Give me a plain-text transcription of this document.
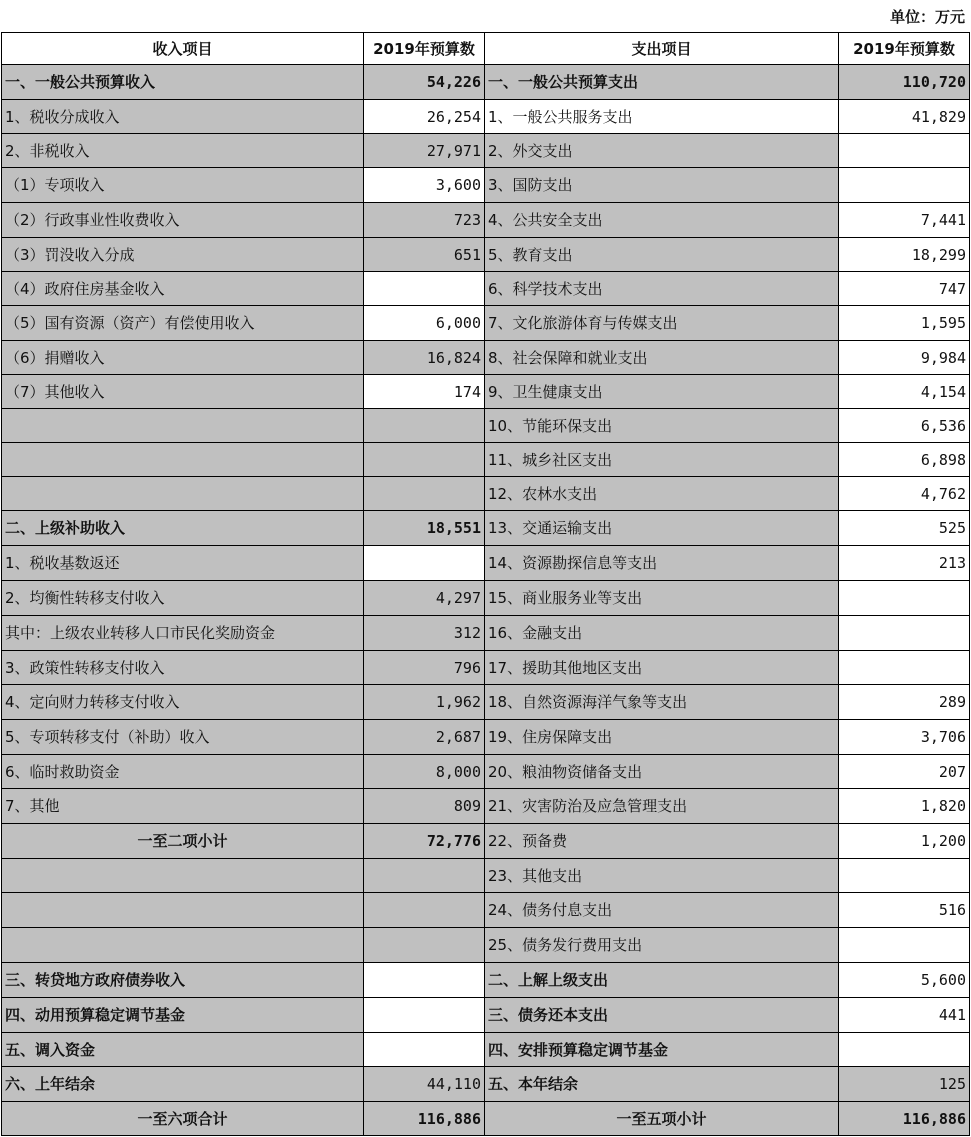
单位：万元
收入项目	2019年预算数	支出项目	2019年预算数
一、一般公共预算收入	54,226	一、一般公共预算支出	110,720
1、税收分成收入	26,254	1、一般公共服务支出	41,829
2、非税收入	27,971	2、外交支出	
（1）专项收入	3,600	3、国防支出	
（2）行政事业性收费收入	723	4、公共安全支出	7,441
（3）罚没收入分成	651	5、教育支出	18,299
（4）政府住房基金收入		6、科学技术支出	747
（5）国有资源（资产）有偿使用收入	6,000	7、文化旅游体育与传媒支出	1,595
（6）捐赠收入	16,824	8、社会保障和就业支出	9,984
（7）其他收入	174	9、卫生健康支出	4,154
		10、节能环保支出	6,536
		11、城乡社区支出	6,898
		12、农林水支出	4,762
二、上级补助收入	18,551	13、交通运输支出	525
1、税收基数返还		14、资源勘探信息等支出	213
2、均衡性转移支付收入	4,297	15、商业服务业等支出	
其中：上级农业转移人口市民化奖励资金	312	16、金融支出	
3、政策性转移支付收入	796	17、援助其他地区支出	
4、定向财力转移支付收入	1,962	18、自然资源海洋气象等支出	289
5、专项转移支付（补助）收入	2,687	19、住房保障支出	3,706
6、临时救助资金	8,000	20、粮油物资储备支出	207
7、其他	809	21、灾害防治及应急管理支出	1,820
一至二项小计	72,776	22、预备费	1,200
		23、其他支出	
		24、债务付息支出	516
		25、债务发行费用支出	
三、转贷地方政府债券收入		二、上解上级支出	5,600
四、动用预算稳定调节基金		三、债务还本支出	441
五、调入资金		四、安排预算稳定调节基金	
六、上年结余	44,110	五、本年结余	125
一至六项合计	116,886	一至五项小计	116,886
